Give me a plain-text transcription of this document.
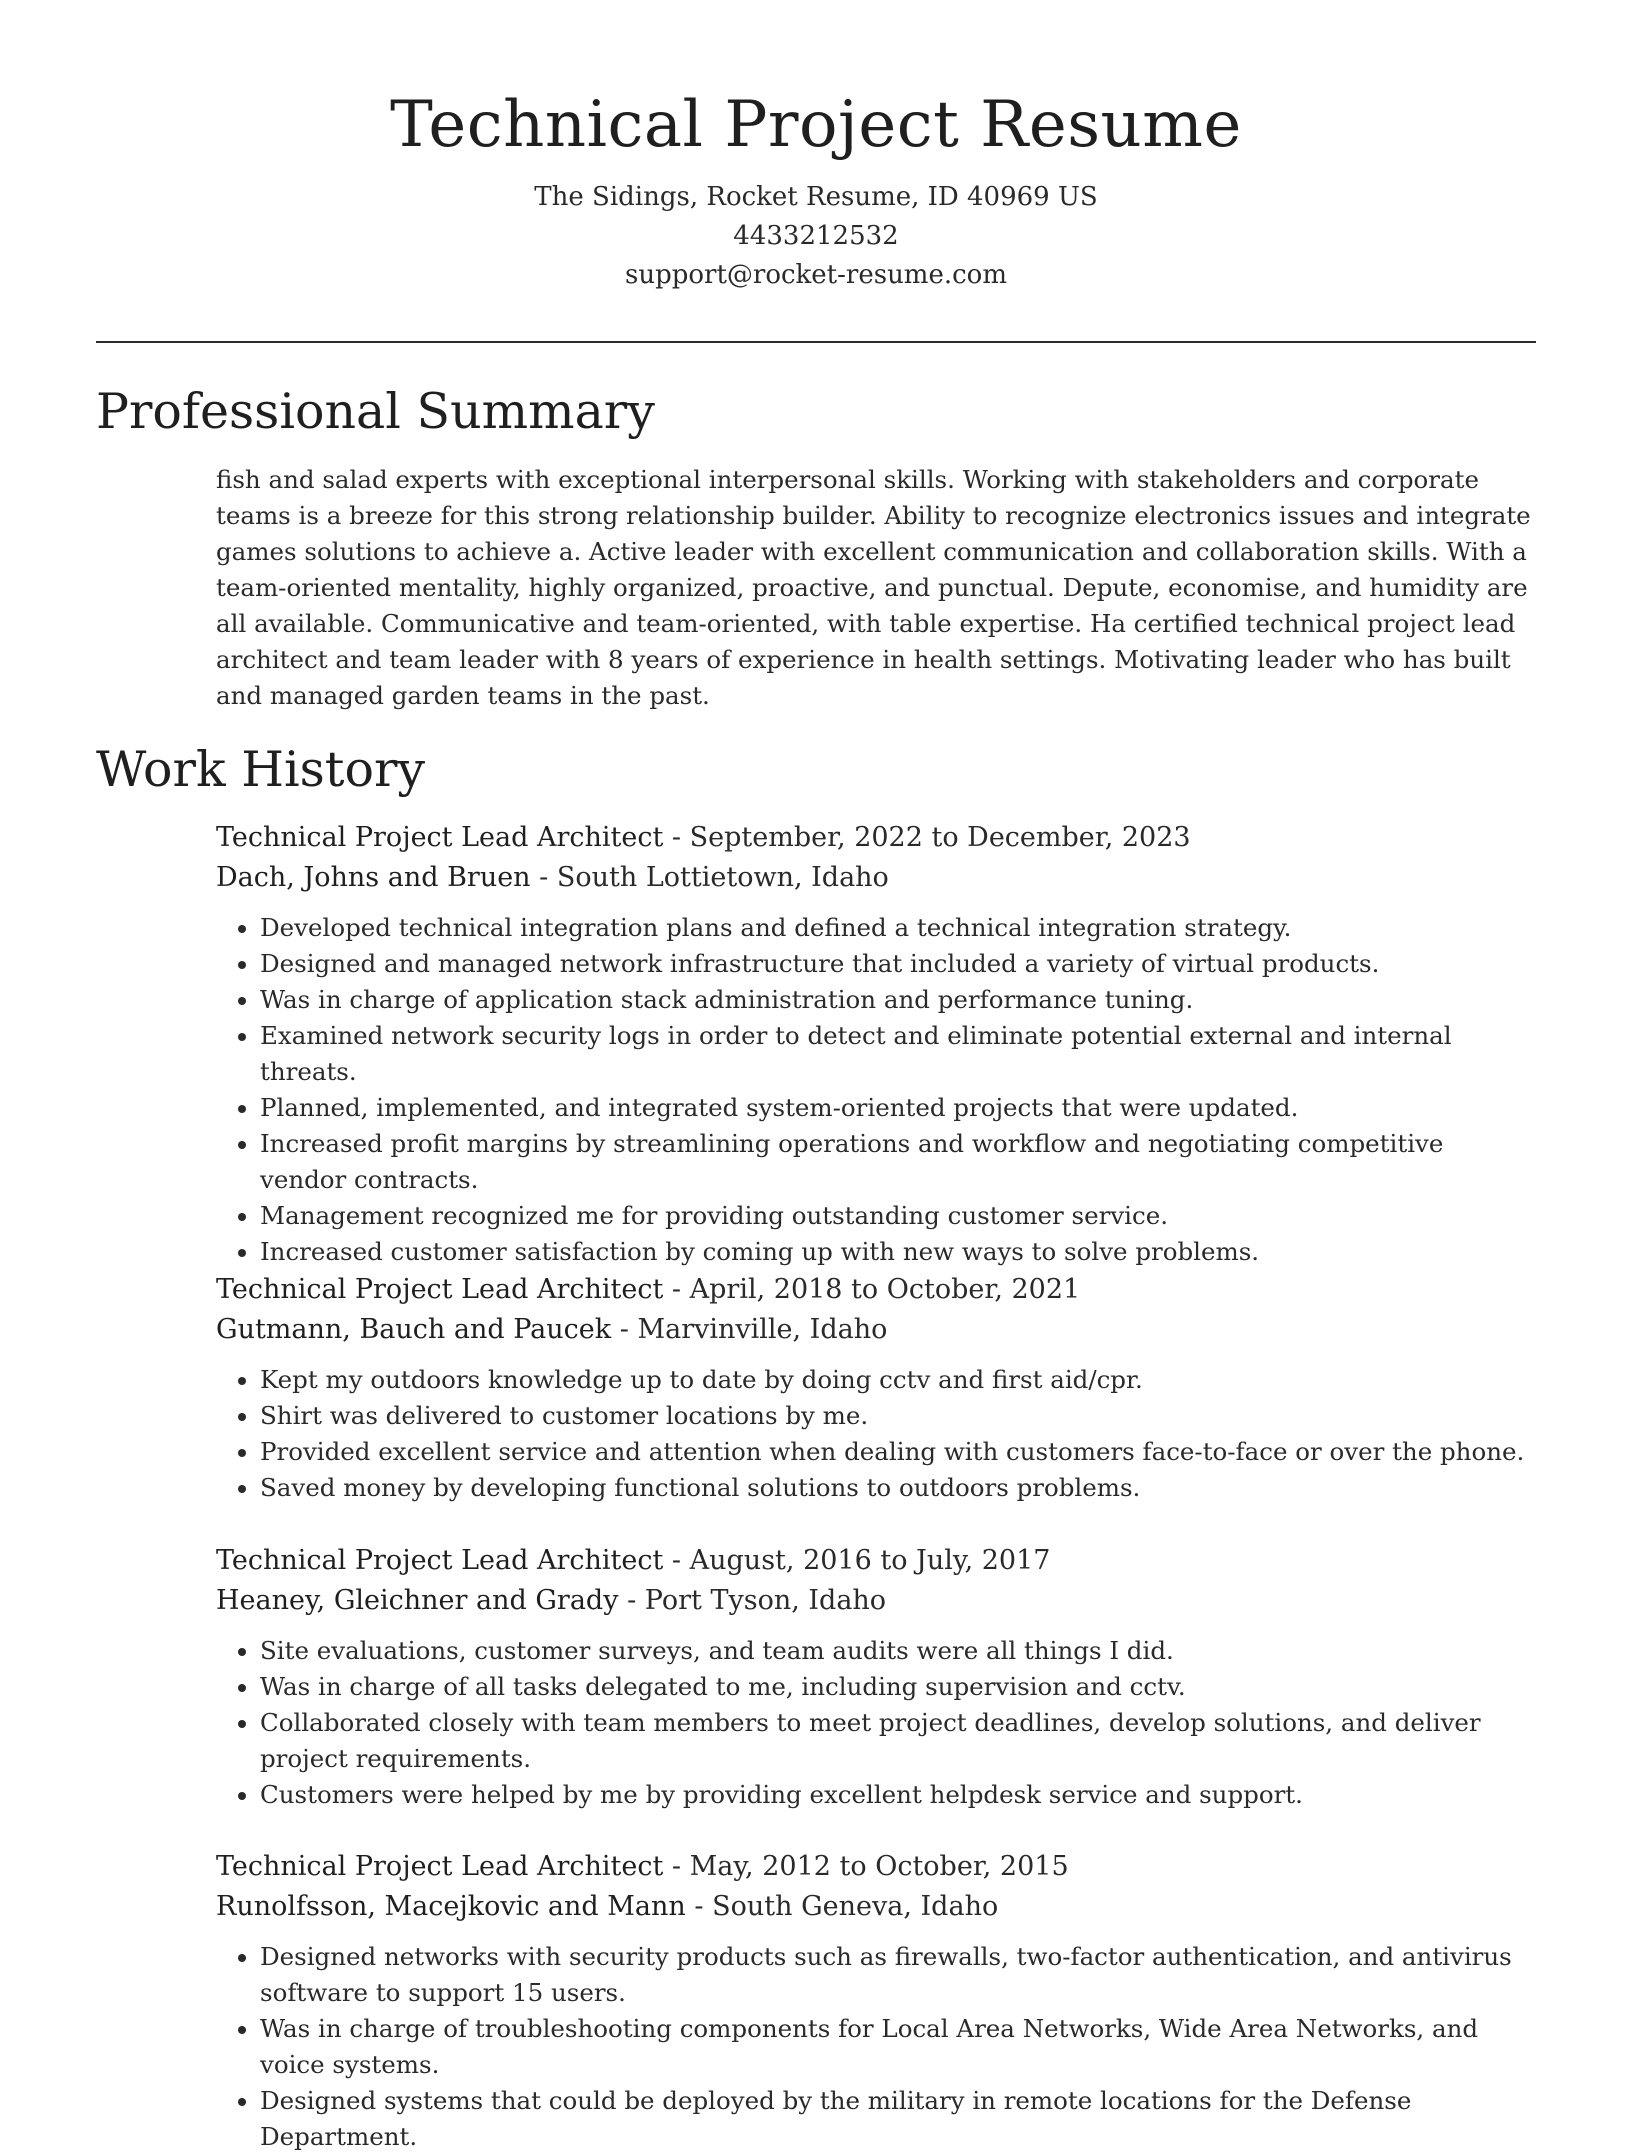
Technical Project Resume
The Sidings, Rocket Resume, ID 40969 US
4433212532
support@rocket-resume.com
Professional Summary
fish and salad experts with exceptional interpersonal skills. Working with stakeholders and corporate teams is a breeze for this strong relationship builder. Ability to recognize electronics issues and integrate games solutions to achieve a. Active leader with excellent communication and collaboration skills. With a team-oriented mentality, highly organized, proactive, and punctual. Depute, economise, and humidity are all available. Communicative and team-oriented, with table expertise. Ha certified technical project lead architect and team leader with 8 years of experience in health settings. Motivating leader who has built and managed garden teams in the past.
Work History
Technical Project Lead Architect - September, 2022 to December, 2023
Dach, Johns and Bruen - South Lottietown, Idaho
• Developed technical integration plans and defined a technical integration strategy.
• Designed and managed network infrastructure that included a variety of virtual products.
• Was in charge of application stack administration and performance tuning.
• Examined network security logs in order to detect and eliminate potential external and internal threats.
• Planned, implemented, and integrated system-oriented projects that were updated.
• Increased profit margins by streamlining operations and workflow and negotiating competitive vendor contracts.
• Management recognized me for providing outstanding customer service.
• Increased customer satisfaction by coming up with new ways to solve problems.
Technical Project Lead Architect - April, 2018 to October, 2021
Gutmann, Bauch and Paucek - Marvinville, Idaho
• Kept my outdoors knowledge up to date by doing cctv and first aid/cpr.
• Shirt was delivered to customer locations by me.
• Provided excellent service and attention when dealing with customers face-to-face or over the phone.
• Saved money by developing functional solutions to outdoors problems.
Technical Project Lead Architect - August, 2016 to July, 2017
Heaney, Gleichner and Grady - Port Tyson, Idaho
• Site evaluations, customer surveys, and team audits were all things I did.
• Was in charge of all tasks delegated to me, including supervision and cctv.
• Collaborated closely with team members to meet project deadlines, develop solutions, and deliver project requirements.
• Customers were helped by me by providing excellent helpdesk service and support.
Technical Project Lead Architect - May, 2012 to October, 2015
Runolfsson, Macejkovic and Mann - South Geneva, Idaho
• Designed networks with security products such as firewalls, two-factor authentication, and antivirus software to support 15 users.
• Was in charge of troubleshooting components for Local Area Networks, Wide Area Networks, and voice systems.
• Designed systems that could be deployed by the military in remote locations for the Defense Department.
